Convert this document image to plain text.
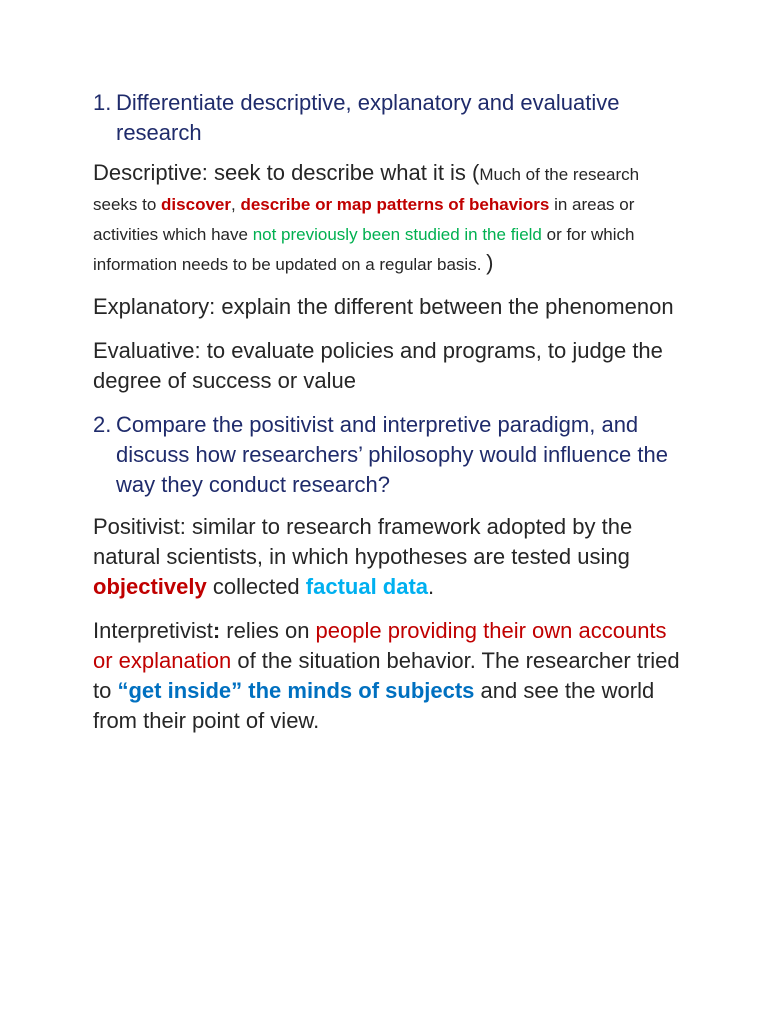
1. Differentiate descriptive, explanatory and evaluative research

Descriptive: seek to describe what it is (Much of the research seeks to discover, describe or map patterns of behaviors in areas or activities which have not previously been studied in the field or for which information needs to be updated on a regular basis. )

Explanatory: explain the different between the phenomenon

Evaluative: to evaluate policies and programs, to judge the degree of success or value

2. Compare the positivist and interpretive paradigm, and discuss how researchers’ philosophy would influence the way they conduct research?

Positivist: similar to research framework adopted by the natural scientists, in which hypotheses are tested using objectively collected factual data.

Interpretivist: relies on people providing their own accounts or explanation of the situation behavior. The researcher tried to “get inside” the minds of subjects and see the world from their point of view.
